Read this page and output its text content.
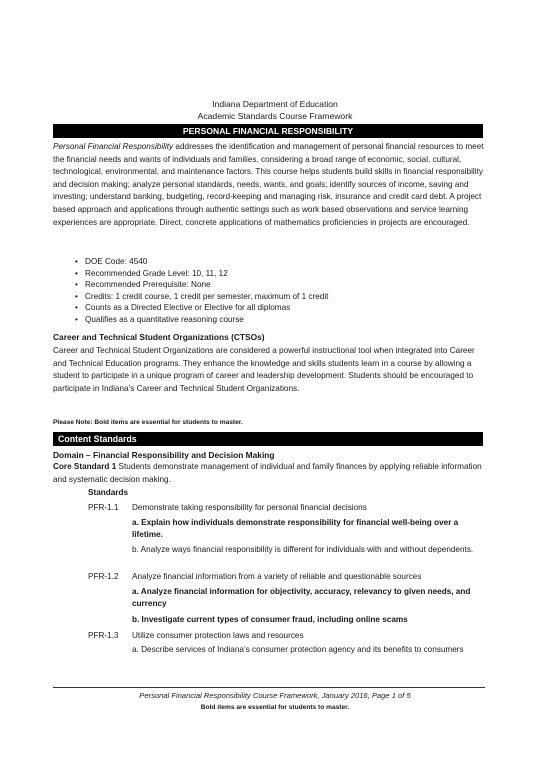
Indiana Department of Education
Academic Standards Course Framework
PERSONAL FINANCIAL RESPONSIBILITY
Personal Financial Responsibility addresses the identification and management of personal financial resources to meet the financial needs and wants of individuals and families, considering a broad range of economic, social, cultural, technological, environmental, and maintenance factors. This course helps students build skills in financial responsibility and decision making; analyze personal standards, needs, wants, and goals; identify sources of income, saving and investing; understand banking, budgeting, record-keeping and managing risk, insurance and credit card debt. A project based approach and applications through authentic settings such as work based observations and service learning experiences are appropriate. Direct, concrete applications of mathematics proficiencies in projects are encouraged.
• DOE Code: 4540
• Recommended Grade Level: 10, 11, 12
• Recommended Prerequisite: None
• Credits: 1 credit course, 1 credit per semester, maximum of 1 credit
• Counts as a Directed Elective or Elective for all diplomas
• Qualifies as a quantitative reasoning course
Career and Technical Student Organizations (CTSOs)
Career and Technical Student Organizations are considered a powerful instructional tool when integrated into Career and Technical Education programs. They enhance the knowledge and skills students learn in a course by allowing a student to participate in a unique program of career and leadership development. Students should be encouraged to participate in Indiana’s Career and Technical Student Organizations.
Please Note: Bold items are essential for students to master.
Content Standards
Domain – Financial Responsibility and Decision Making
Core Standard 1 Students demonstrate management of individual and family finances by applying reliable information and systematic decision making.
Standards
PFR-1.1	Demonstrate taking responsibility for personal financial decisions
a. Explain how individuals demonstrate responsibility for financial well-being over a lifetime.
b. Analyze ways financial responsibility is different for individuals with and without dependents.
PFR-1.2	Analyze financial information from a variety of reliable and questionable sources
a. Analyze financial information for objectivity, accuracy, relevancy to given needs, and currency
b. Investigate current types of consumer fraud, including online scams
PFR-1.3	Utilize consumer protection laws and resources
a. Describe services of Indiana’s consumer protection agency and its benefits to consumers
Personal Financial Responsibility Course Framework, January 2016, Page 1 of 5
Bold items are essential for students to master.
